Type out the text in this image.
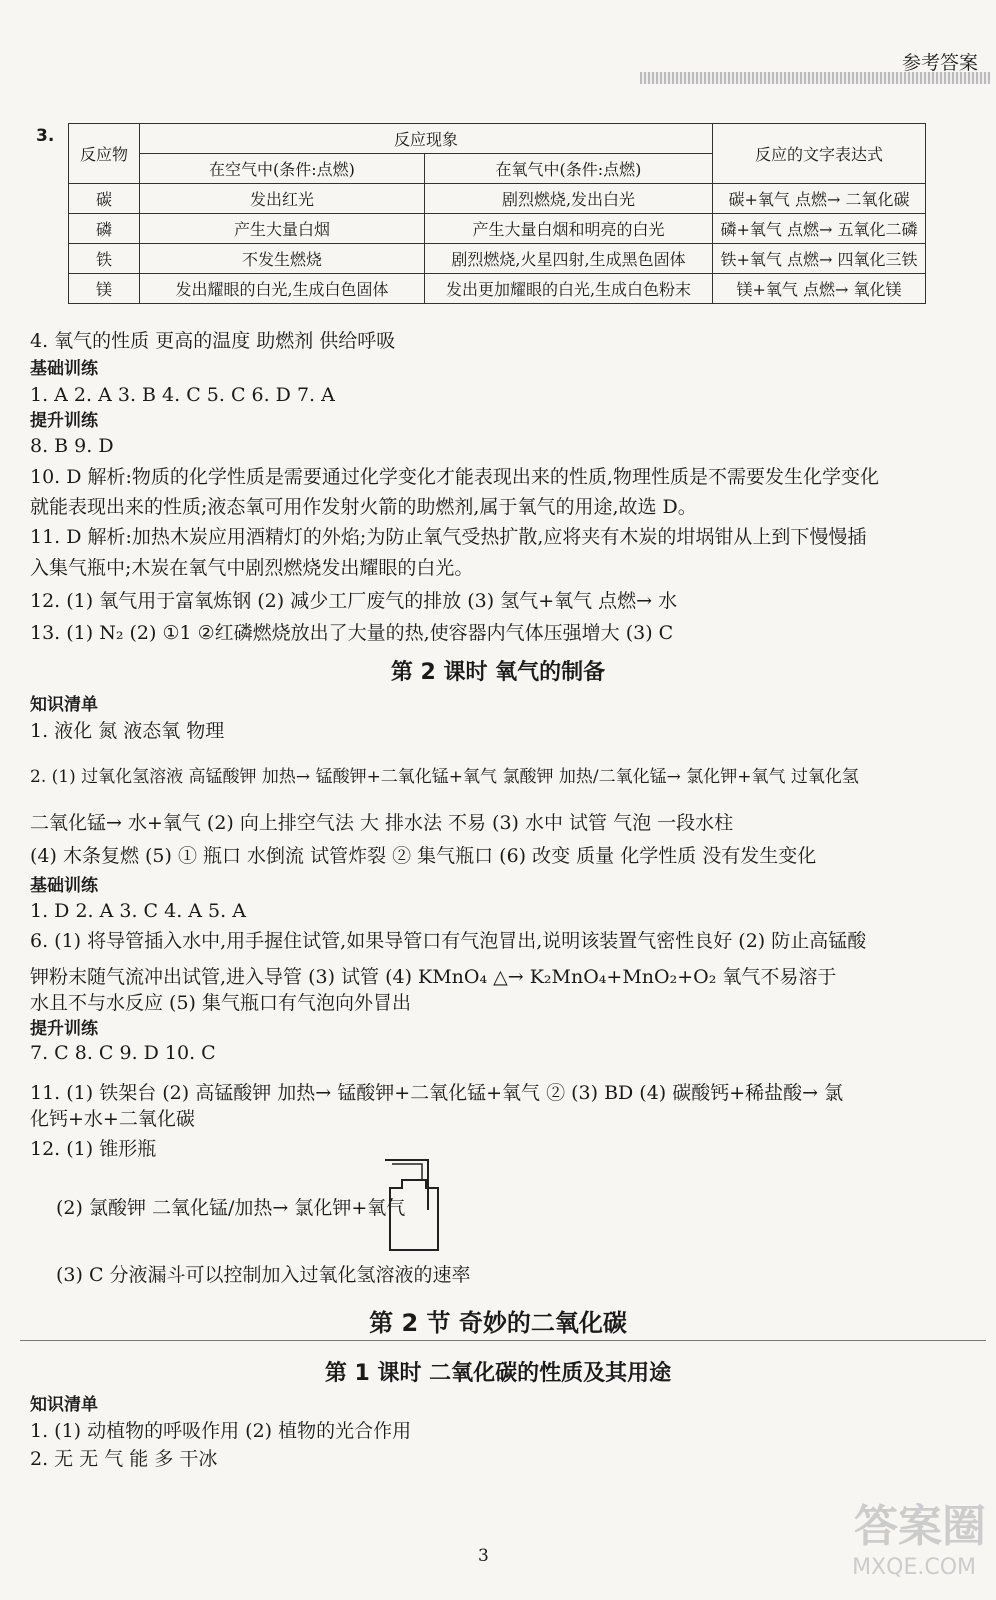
参考答案
3.
反应物	反应现象		反应的文字表达式
	在空气中(条件:点燃)	在氧气中(条件:点燃)	
碳	发出红光	剧烈燃烧,发出白光	碳+氧气 点燃→ 二氧化碳
磷	产生大量白烟	产生大量白烟和明亮的白光	磷+氧气 点燃→ 五氧化二磷
铁	不发生燃烧	剧烈燃烧,火星四射,生成黑色固体	铁+氧气 点燃→ 四氧化三铁
镁	发出耀眼的白光,生成白色固体	发出更加耀眼的白光,生成白色粉末	镁+氧气 点燃→ 氧化镁
4. 氧气的性质 更高的温度 助燃剂 供给呼吸
基础训练
1. A 2. A 3. B 4. C 5. C 6. D 7. A
提升训练
8. B 9. D
10. D 解析:物质的化学性质是需要通过化学变化才能表现出来的性质,物理性质是不需要发生化学变化
就能表现出来的性质;液态氧可用作发射火箭的助燃剂,属于氧气的用途,故选 D。
11. D 解析:加热木炭应用酒精灯的外焰;为防止氧气受热扩散,应将夹有木炭的坩埚钳从上到下慢慢插
入集气瓶中;木炭在氧气中剧烈燃烧发出耀眼的白光。
12. (1) 氧气用于富氧炼钢 (2) 减少工厂废气的排放 (3) 氢气+氧气 点燃→ 水
13. (1) N₂ (2) ①1 ②红磷燃烧放出了大量的热,使容器内气体压强增大 (3) C
第 2 课时 氧气的制备
知识清单
1. 液化 氮 液态氧 物理
2. (1) 过氧化氢溶液 高锰酸钾 加热→ 锰酸钾+二氧化锰+氧气 氯酸钾 加热/二氧化锰→ 氯化钾+氧气 过氧化氢
二氧化锰→ 水+氧气 (2) 向上排空气法 大 排水法 不易 (3) 水中 试管 气泡 一段水柱
(4) 木条复燃 (5) ① 瓶口 水倒流 试管炸裂 ② 集气瓶口 (6) 改变 质量 化学性质 没有发生变化
基础训练
1. D 2. A 3. C 4. A 5. A
6. (1) 将导管插入水中,用手握住试管,如果导管口有气泡冒出,说明该装置气密性良好 (2) 防止高锰酸
钾粉末随气流冲出试管,进入导管 (3) 试管 (4) KMnO₄ △→ K₂MnO₄+MnO₂+O₂ 氧气不易溶于
水且不与水反应 (5) 集气瓶口有气泡向外冒出
提升训练
7. C 8. C 9. D 10. C
11. (1) 铁架台 (2) 高锰酸钾 加热→ 锰酸钾+二氧化锰+氧气 ② (3) BD (4) 碳酸钙+稀盐酸→ 氯
化钙+水+二氧化碳
12. (1) 锥形瓶
(2) 氯酸钾 二氧化锰/加热→ 氯化钾+氧气
(3) C 分液漏斗可以控制加入过氧化氢溶液的速率
第 2 节 奇妙的二氧化碳
第 1 课时 二氧化碳的性质及其用途
知识清单
1. (1) 动植物的呼吸作用 (2) 植物的光合作用
2. 无 无 气 能 多 干冰
3
答案圈
MXQE.COM
